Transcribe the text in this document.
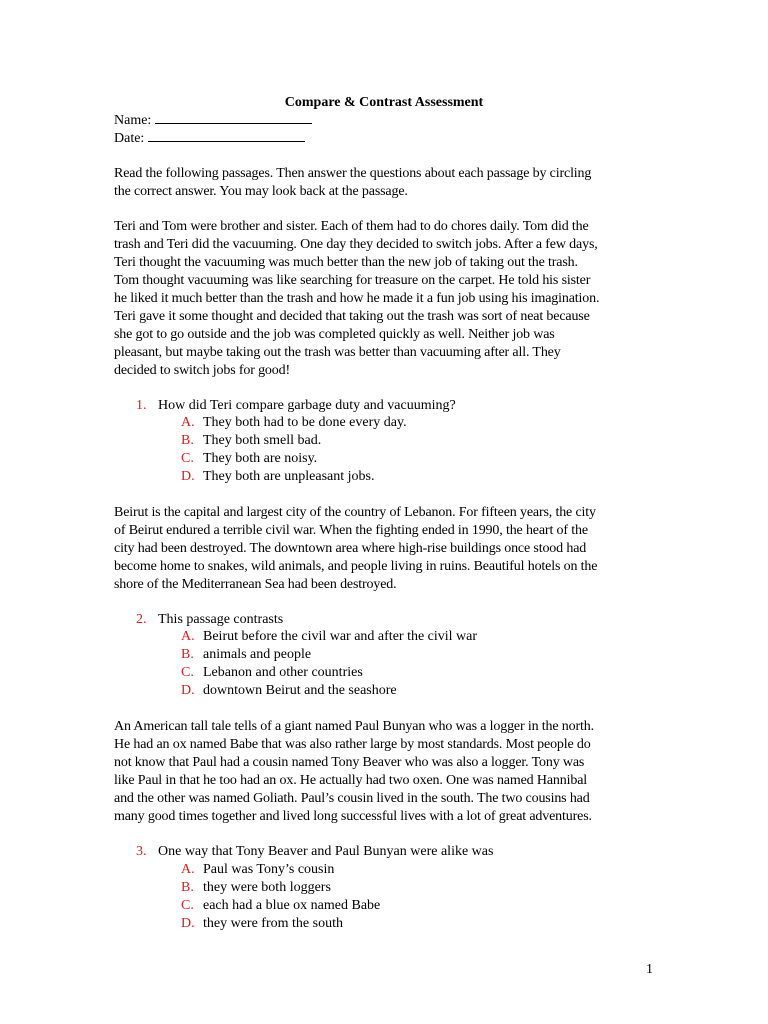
Compare & Contrast Assessment
Name:
Date:
Read the following passages. Then answer the questions about each passage by circling
the correct answer. You may look back at the passage.
Teri and Tom were brother and sister. Each of them had to do chores daily. Tom did the
trash and Teri did the vacuuming. One day they decided to switch jobs. After a few days,
Teri thought the vacuuming was much better than the new job of taking out the trash.
Tom thought vacuuming was like searching for treasure on the carpet. He told his sister
he liked it much better than the trash and how he made it a fun job using his imagination.
Teri gave it some thought and decided that taking out the trash was sort of neat because
she got to go outside and the job was completed quickly as well. Neither job was
pleasant, but maybe taking out the trash was better than vacuuming after all. They
decided to switch jobs for good!
1. How did Teri compare garbage duty and vacuuming?
A. They both had to be done every day.
B. They both smell bad.
C. They both are noisy.
D. They both are unpleasant jobs.
Beirut is the capital and largest city of the country of Lebanon. For fifteen years, the city
of Beirut endured a terrible civil war. When the fighting ended in 1990, the heart of the
city had been destroyed. The downtown area where high-rise buildings once stood had
become home to snakes, wild animals, and people living in ruins. Beautiful hotels on the
shore of the Mediterranean Sea had been destroyed.
2. This passage contrasts
A. Beirut before the civil war and after the civil war
B. animals and people
C. Lebanon and other countries
D. downtown Beirut and the seashore
An American tall tale tells of a giant named Paul Bunyan who was a logger in the north.
He had an ox named Babe that was also rather large by most standards. Most people do
not know that Paul had a cousin named Tony Beaver who was also a logger. Tony was
like Paul in that he too had an ox. He actually had two oxen. One was named Hannibal
and the other was named Goliath. Paul’s cousin lived in the south. The two cousins had
many good times together and lived long successful lives with a lot of great adventures.
3. One way that Tony Beaver and Paul Bunyan were alike was
A. Paul was Tony’s cousin
B. they were both loggers
C. each had a blue ox named Babe
D. they were from the south
1
